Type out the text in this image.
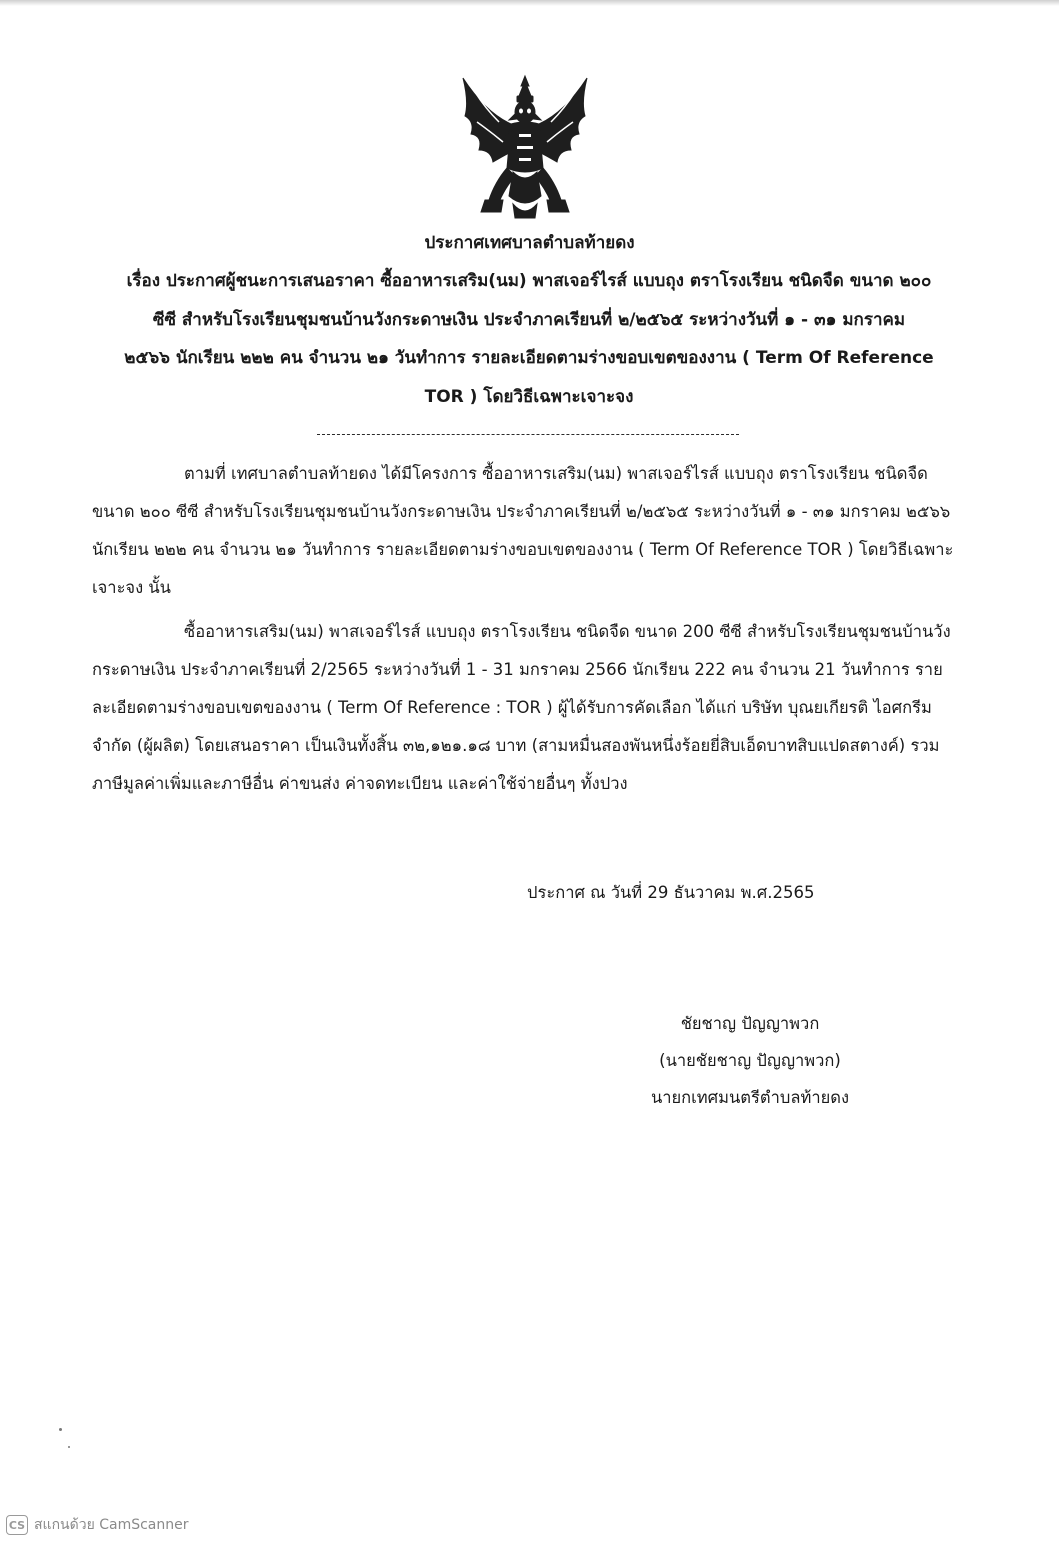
ประกาศเทศบาลตำบลท้ายดง
เรื่อง ประกาศผู้ชนะการเสนอราคา ซื้ออาหารเสริม(นม) พาสเจอร์ไรส์ แบบถุง ตราโรงเรียน ชนิดจืด ขนาด ๒๐๐
ซีซี สำหรับโรงเรียนชุมชนบ้านวังกระดาษเงิน ประจำภาคเรียนที่ ๒/๒๕๖๕ ระหว่างวันที่ ๑ - ๓๑ มกราคม
๒๕๖๖ นักเรียน ๒๒๒ คน จำนวน ๒๑ วันทำการ รายละเอียดตามร่างขอบเขตของงาน ( Term Of Reference
TOR ) โดยวิธีเฉพาะเจาะจง

ตามที่ เทศบาลตำบลท้ายดง ได้มีโครงการ ซื้ออาหารเสริม(นม) พาสเจอร์ไรส์ แบบถุง ตราโรงเรียน ชนิดจืด ขนาด ๒๐๐ ซีซี สำหรับโรงเรียนชุมชนบ้านวังกระดาษเงิน ประจำภาคเรียนที่ ๒/๒๕๖๕ ระหว่างวันที่ ๑ - ๓๑ มกราคม ๒๕๖๖ นักเรียน ๒๒๒ คน จำนวน ๒๑ วันทำการ รายละเอียดตามร่างขอบเขตของงาน ( Term Of Reference TOR ) โดยวิธีเฉพาะเจาะจง นั้น

ซื้ออาหารเสริม(นม) พาสเจอร์ไรส์ แบบถุง ตราโรงเรียน ชนิดจืด ขนาด 200 ซีซี สำหรับโรงเรียนชุมชนบ้านวังกระดาษเงิน ประจำภาคเรียนที่ 2/2565 ระหว่างวันที่ 1 - 31 มกราคม 2566 นักเรียน 222 คน จำนวน 21 วันทำการ รายละเอียดตามร่างขอบเขตของงาน ( Term Of Reference : TOR ) ผู้ได้รับการคัดเลือก ได้แก่ บริษัท บุณยเกียรติ ไอศกรีม จำกัด (ผู้ผลิต) โดยเสนอราคา เป็นเงินทั้งสิ้น ๓๒,๑๒๑.๑๘ บาท (สามหมื่นสองพันหนึ่งร้อยยี่สิบเอ็ดบาทสิบแปดสตางค์) รวมภาษีมูลค่าเพิ่มและภาษีอื่น ค่าขนส่ง ค่าจดทะเบียน และค่าใช้จ่ายอื่นๆ ทั้งปวง

ประกาศ ณ วันที่ 29 ธันวาคม พ.ศ.2565
ชัยชาญ ปัญญาพวก
(นายชัยชาญ ปัญญาพวก)
นายกเทศมนตรีตำบลท้ายดง
CS สแกนด้วย CamScanner
